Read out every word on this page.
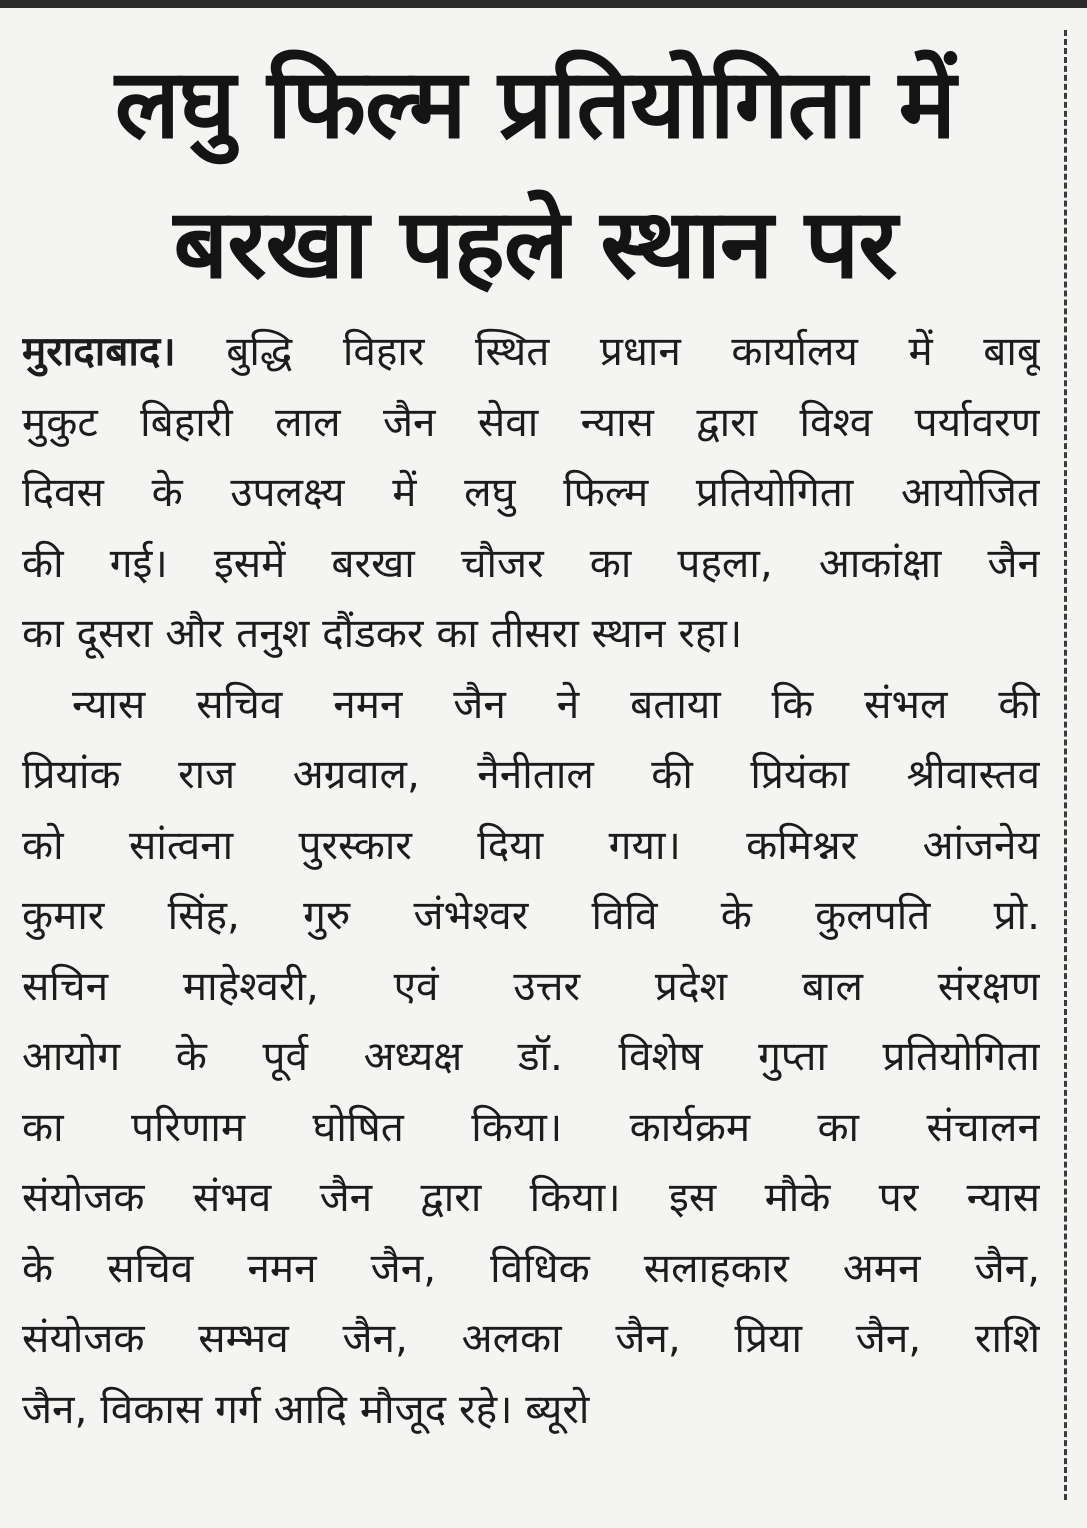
लघु फिल्म प्रतियोगिता में
बरखा पहले स्थान पर
मुरादाबाद। बुद्धि विहार स्थित प्रधान कार्यालय में बाबू
मुकुट बिहारी लाल जैन सेवा न्यास द्वारा विश्व पर्यावरण
दिवस के उपलक्ष्य में लघु फिल्म प्रतियोगिता आयोजित
की गई। इसमें बरखा चौजर का पहला, आकांक्षा जैन
का दूसरा और तनुश दौंडकर का तीसरा स्थान रहा।
न्यास सचिव नमन जैन ने बताया कि संभल की
प्रियांक राज अग्रवाल, नैनीताल की प्रियंका श्रीवास्तव
को सांत्वना पुरस्कार दिया गया। कमिश्नर आंजनेय
कुमार सिंह, गुरु जंभेश्वर विवि के कुलपति प्रो.
सचिन माहेश्वरी, एवं उत्तर प्रदेश बाल संरक्षण
आयोग के पूर्व अध्यक्ष डॉ. विशेष गुप्ता प्रतियोगिता
का परिणाम घोषित किया। कार्यक्रम का संचालन
संयोजक संभव जैन द्वारा किया। इस मौके पर न्यास
के सचिव नमन जैन, विधिक सलाहकार अमन जैन,
संयोजक सम्भव जैन, अलका जैन, प्रिया जैन, राशि
जैन, विकास गर्ग आदि मौजूद रहे। ब्यूरो
